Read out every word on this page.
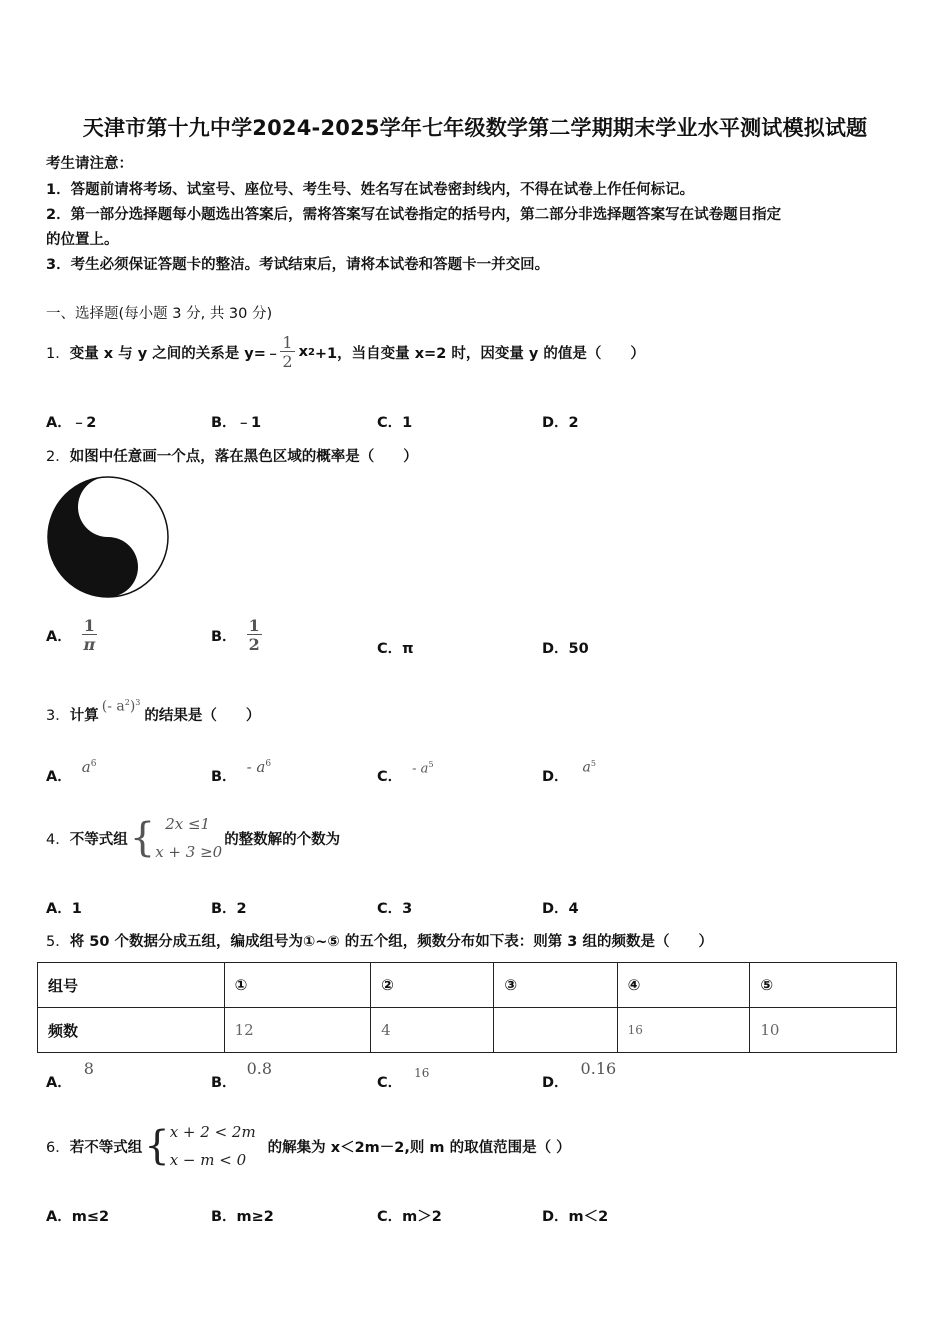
天津市第十九中学2024-2025学年七年级数学第二学期期末学业水平测试模拟试题
考生请注意：
1．答题前请将考场、试室号、座位号、考生号、姓名写在试卷密封线内，不得在试卷上作任何标记。
2．第一部分选择题每小题选出答案后，需将答案写在试卷指定的括号内，第二部分非选择题答案写在试卷题目指定
的位置上。
3．考生必须保证答题卡的整洁。考试结束后，请将本试卷和答题卡一并交回。
一、选择题(每小题 3 分, 共 30 分)
1． 变量 x 与 y 之间的关系是 y=﹣ $\frac{1}{2}$ x 2 +1，当自变量 x=2 时，因变量 y 的值是（　　）
A．﹣2	B．﹣1	C．1	D．2
2．如图中任意画一个点，落在黑色区域的概率是（　　）
A． $\frac{1}{\pi}$	B． $\frac{1}{2}$	C．π	D．50
3． 计算
(- $a^2)^3$
的结果是（　　）
A．
$a^6$
B．
- $a^6$
C．
- $a^5$
D．
$a^5$
4． 不等式组 { 2x ≤1
x + 3 ≥0
的整数解的个数为
A．1	B．2	C．3	D．4
5．将 50 个数据分成五组，编成组号为①~⑤ 的五个组，频数分布如下表：则第 3 组的频数是（　　）
组号	①	②	③	④	⑤
频数	12	4		16	10
A．
8
B．
0.8
C．
16
D．
0.16
6． 若不等式组 { x + 2 < 2m
x − m < 0
的解集为 x＜2m－2,则 m 的取值范围是（ ）
A．m≤2	B．m≥2	C．m＞2	D．m＜2
